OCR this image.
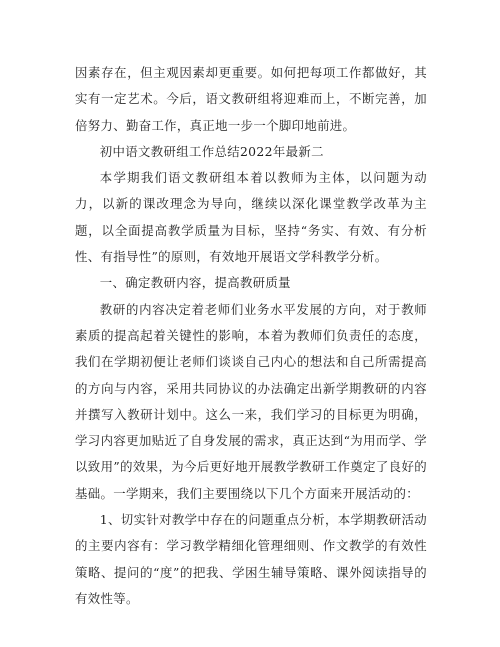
因素存在，但主观因素却更重要。如何把每项工作都做好，其实有一定艺术。今后，语文教研组将迎难而上，不断完善，加倍努力、勤奋工作，真正地一步一个脚印地前进。

初中语文教研组工作总结2022年最新二

本学期我们语文教研组本着以教师为主体，以问题为动力，以新的课改理念为导向，继续以深化课堂教学改革为主题，以全面提高教学质量为目标，坚持“务实、有效、有分析性、有指导性”的原则，有效地开展语文学科教学分析。

一、确定教研内容，提高教研质量

教研的内容决定着老师们业务水平发展的方向，对于教师素质的提高起着关键性的影响，本着为教师们负责任的态度，我们在学期初便让老师们谈谈自己内心的想法和自己所需提高的方向与内容，采用共同协议的办法确定出新学期教研的内容并撰写入教研计划中。这么一来，我们学习的目标更为明确，学习内容更加贴近了自身发展的需求，真正达到“为用而学、学以致用”的效果，为今后更好地开展教学教研工作奠定了良好的基础。一学期来，我们主要围绕以下几个方面来开展活动的：

1、切实针对教学中存在的问题重点分析，本学期教研活动的主要内容有：学习教学精细化管理细则、作文教学的有效性策略、提问的“度”的把我、学困生辅导策略、课外阅读指导的有效性等。
